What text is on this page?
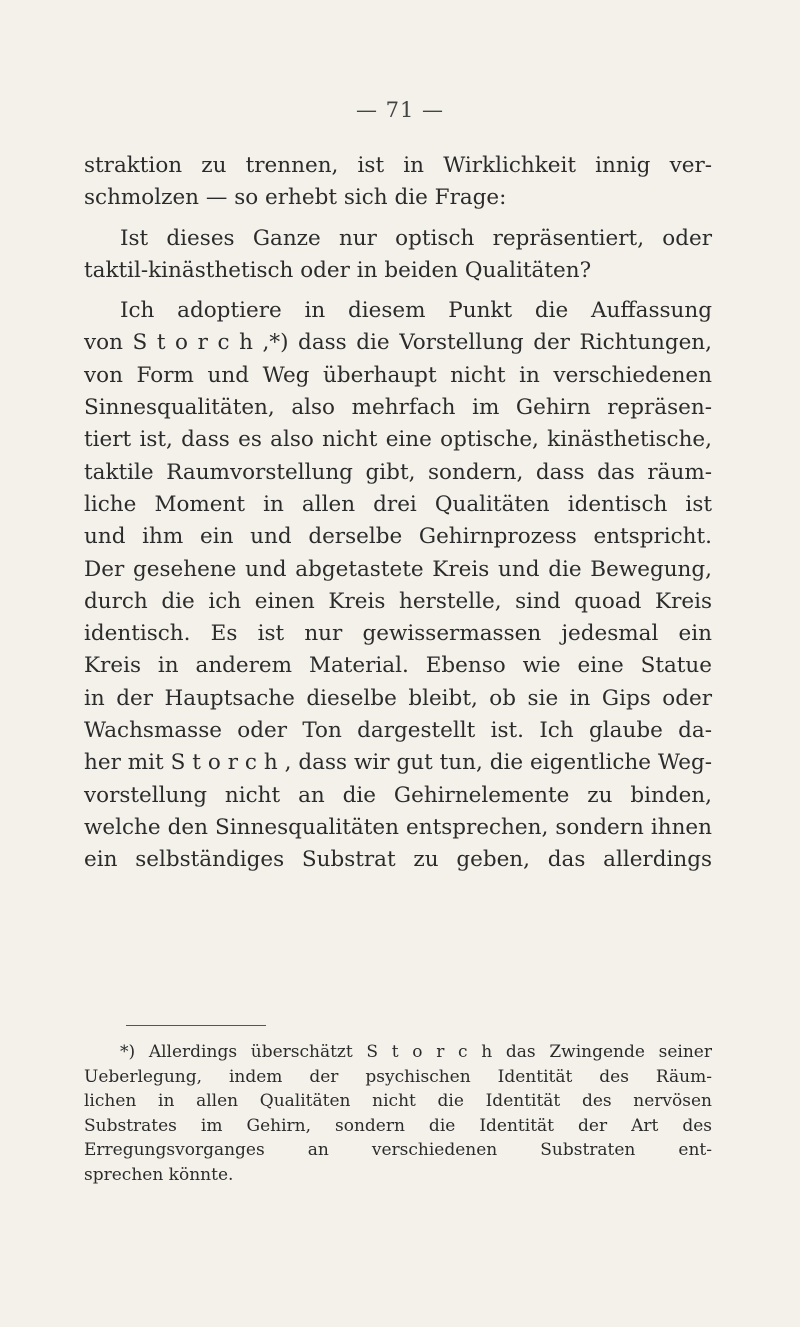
— 71 —
straktion zu trennen, ist in Wirklichkeit innig ver-
schmolzen — so erhebt sich die Frage:
Ist dieses Ganze nur optisch repräsentiert, oder
taktil-kinästhetisch oder in beiden Qualitäten?
Ich adoptiere in diesem Punkt die Auffassung
von S t o r c h ,*) dass die Vorstellung der Richtungen,
von Form und Weg überhaupt nicht in verschiedenen
Sinnesqualitäten, also mehrfach im Gehirn repräsen-
tiert ist, dass es also nicht eine optische, kinästhetische,
taktile Raumvorstellung gibt, sondern, dass das räum-
liche Moment in allen drei Qualitäten identisch ist
und ihm ein und derselbe Gehirnprozess entspricht.
Der gesehene und abgetastete Kreis und die Bewegung,
durch die ich einen Kreis herstelle, sind quoad Kreis
identisch. Es ist nur gewissermassen jedesmal ein
Kreis in anderem Material. Ebenso wie eine Statue
in der Hauptsache dieselbe bleibt, ob sie in Gips oder
Wachsmasse oder Ton dargestellt ist. Ich glaube da-
her mit S t o r c h , dass wir gut tun, die eigentliche Weg-
vorstellung nicht an die Gehirnelemente zu binden,
welche den Sinnesqualitäten entsprechen, sondern ihnen
ein selbständiges Substrat zu geben, das allerdings
*) Allerdings überschätzt S t o r c h das Zwingende seiner
Ueberlegung, indem der psychischen Identität des Räum-
lichen in allen Qualitäten nicht die Identität des nervösen
Substrates im Gehirn, sondern die Identität der Art des
Erregungsvorganges an verschiedenen Substraten ent-
sprechen könnte.
